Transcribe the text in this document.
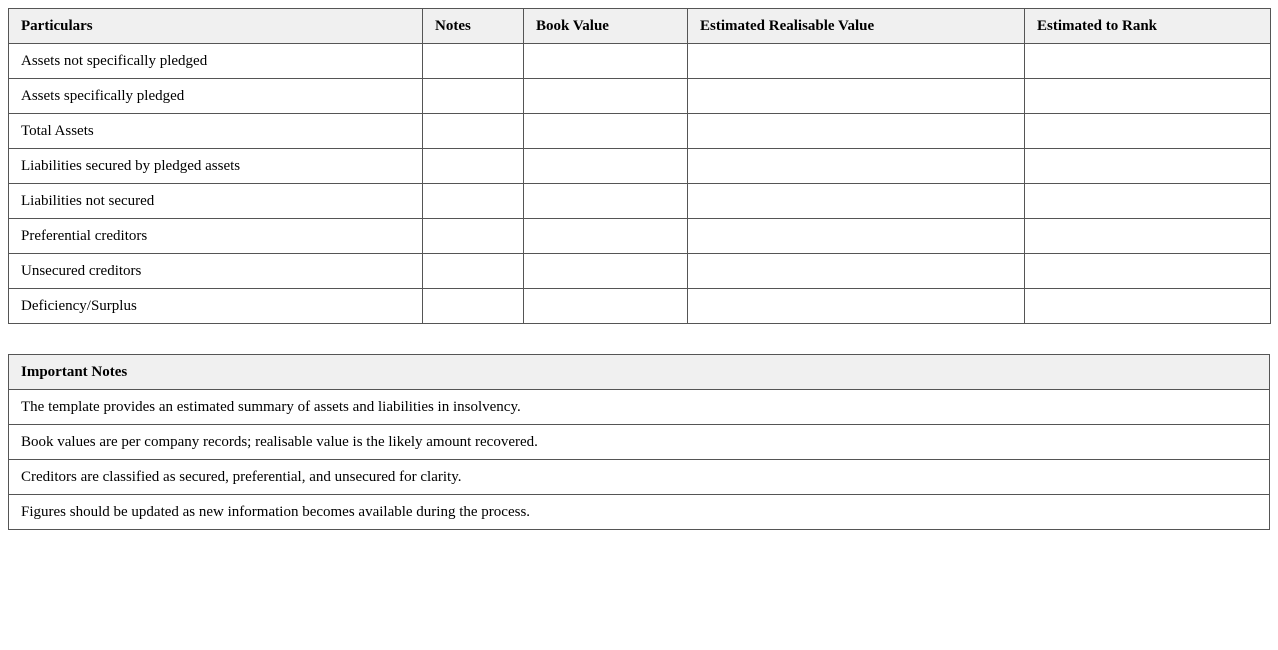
Particulars	Notes	Book Value	Estimated Realisable Value	Estimated to Rank
Assets not specifically pledged				
Assets specifically pledged				
Total Assets				
Liabilities secured by pledged assets				
Liabilities not secured				
Preferential creditors				
Unsecured creditors				
Deficiency/Surplus				
Important Notes
The template provides an estimated summary of assets and liabilities in insolvency.
Book values are per company records; realisable value is the likely amount recovered.
Creditors are classified as secured, preferential, and unsecured for clarity.
Figures should be updated as new information becomes available during the process.
